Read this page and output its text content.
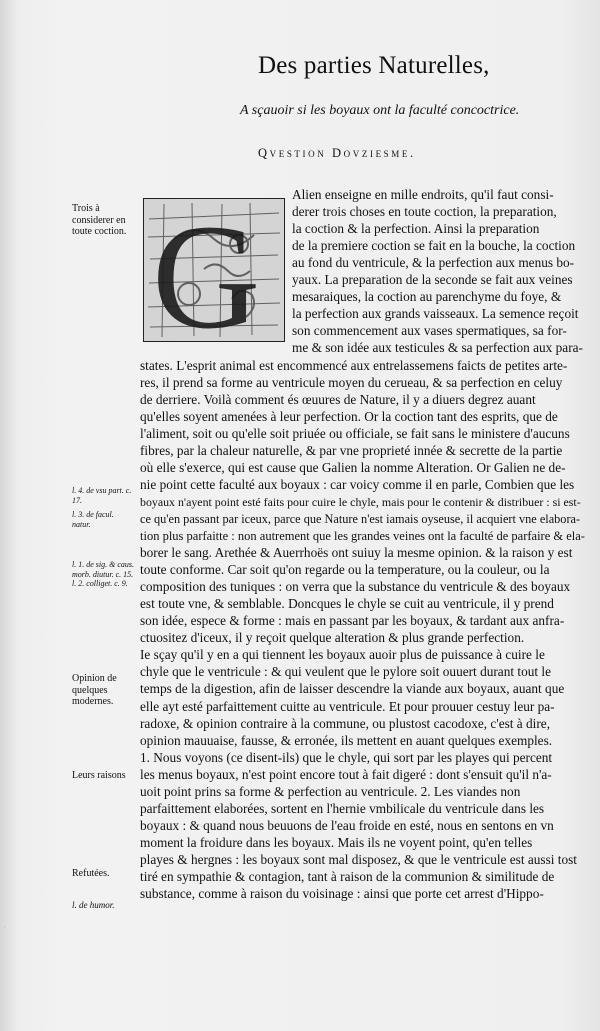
Des parties Naturelles,
A sçauoir si les boyaux ont la faculté concoctrice.
Qvestion Dovziesme.
G
Trois à considerer en toute coction.
l. 4. de vsu part. c. 17.
l. 3. de facul. natur.
l. 1. de sig. & caus. morb. diutur. c. 15. l. 2. colliget. c. 9.
Opinion de quelques modernes.
Leurs raisons
Refutées.
l. de humor.
Alien enseigne en mille endroits, qu'il faut consi-
derer trois choses en toute coction, la preparation,
la coction & la perfection. Ainsi la preparation
de la premiere coction se fait en la bouche, la coction
au fond du ventricule, & la perfection aux menus bo-
yaux. La preparation de la seconde se fait aux veines
mesaraiques, la coction au parenchyme du foye, &
la perfection aux grands vaisseaux. La semence reçoit
son commencement aux vases spermatiques, sa for-
me & son idée aux testicules & sa perfection aux para-
states. L'esprit animal est encommencé aux entrelassemens faicts de petites arte-
res, il prend sa forme au ventricule moyen du cerueau, & sa perfection en celuy
de derriere. Voilà comment és œuures de Nature, il y a diuers degrez auant
qu'elles soyent amenées à leur perfection. Or la coction tant des esprits, que de
l'aliment, soit ou qu'elle soit priuée ou officiale, se fait sans le ministere d'aucuns
fibres, par la chaleur naturelle, & par vne proprieté innée & secrette de la partie
où elle s'exerce, qui est cause que Galien la nomme Alteration. Or Galien ne de-
nie point cette faculté aux boyaux : car voicy comme il en parle, Combien que les
boyaux n'ayent point esté faits pour cuire le chyle, mais pour le contenir & distribuer : si est-
ce qu'en passant par iceux, parce que Nature n'est iamais oyseuse, il acquiert vne elabora-
tion plus parfaitte : non autrement que les grandes veines ont la faculté de parfaire & ela-
borer le sang. Arethée & Auerrhoës ont suiuy la mesme opinion. & la raison y est
toute conforme. Car soit qu'on regarde ou la temperature, ou la couleur, ou la
composition des tuniques : on verra que la substance du ventricule & des boyaux
est toute vne, & semblable. Doncques le chyle se cuit au ventricule, il y prend
son idée, espece & forme : mais en passant par les boyaux, & tardant aux anfra-
ctuositez d'iceux, il y reçoit quelque alteration & plus grande perfection.
Ie sçay qu'il y en a qui tiennent les boyaux auoir plus de puissance à cuire le
chyle que le ventricule : & qui veulent que le pylore soit ouuert durant tout le
temps de la digestion, afin de laisser descendre la viande aux boyaux, auant que
elle ayt esté parfaittement cuitte au ventricule. Et pour prouuer cestuy leur pa-
radoxe, & opinion contraire à la commune, ou plustost cacodoxe, c'est à dire,
opinion mauuaise, fausse, & erronée, ils mettent en auant quelques exemples.
1. Nous voyons (ce disent-ils) que le chyle, qui sort par les playes qui percent
les menus boyaux, n'est point encore tout à fait digeré : dont s'ensuit qu'il n'a-
uoit point prins sa forme & perfection au ventricule. 2. Les viandes non
parfaittement elaborées, sortent en l'hernie vmbilicale du ventricule dans les
boyaux : & quand nous beuuons de l'eau froide en esté, nous en sentons en vn
moment la froidure dans les boyaux. Mais ils ne voyent point, qu'en telles
playes & hergnes : les boyaux sont mal disposez, & que le ventricule est aussi tost
tiré en sympathie & contagion, tant à raison de la communion & similitude de
substance, comme à raison du voisinage : ainsi que porte cet arrest d'Hippo-
·
